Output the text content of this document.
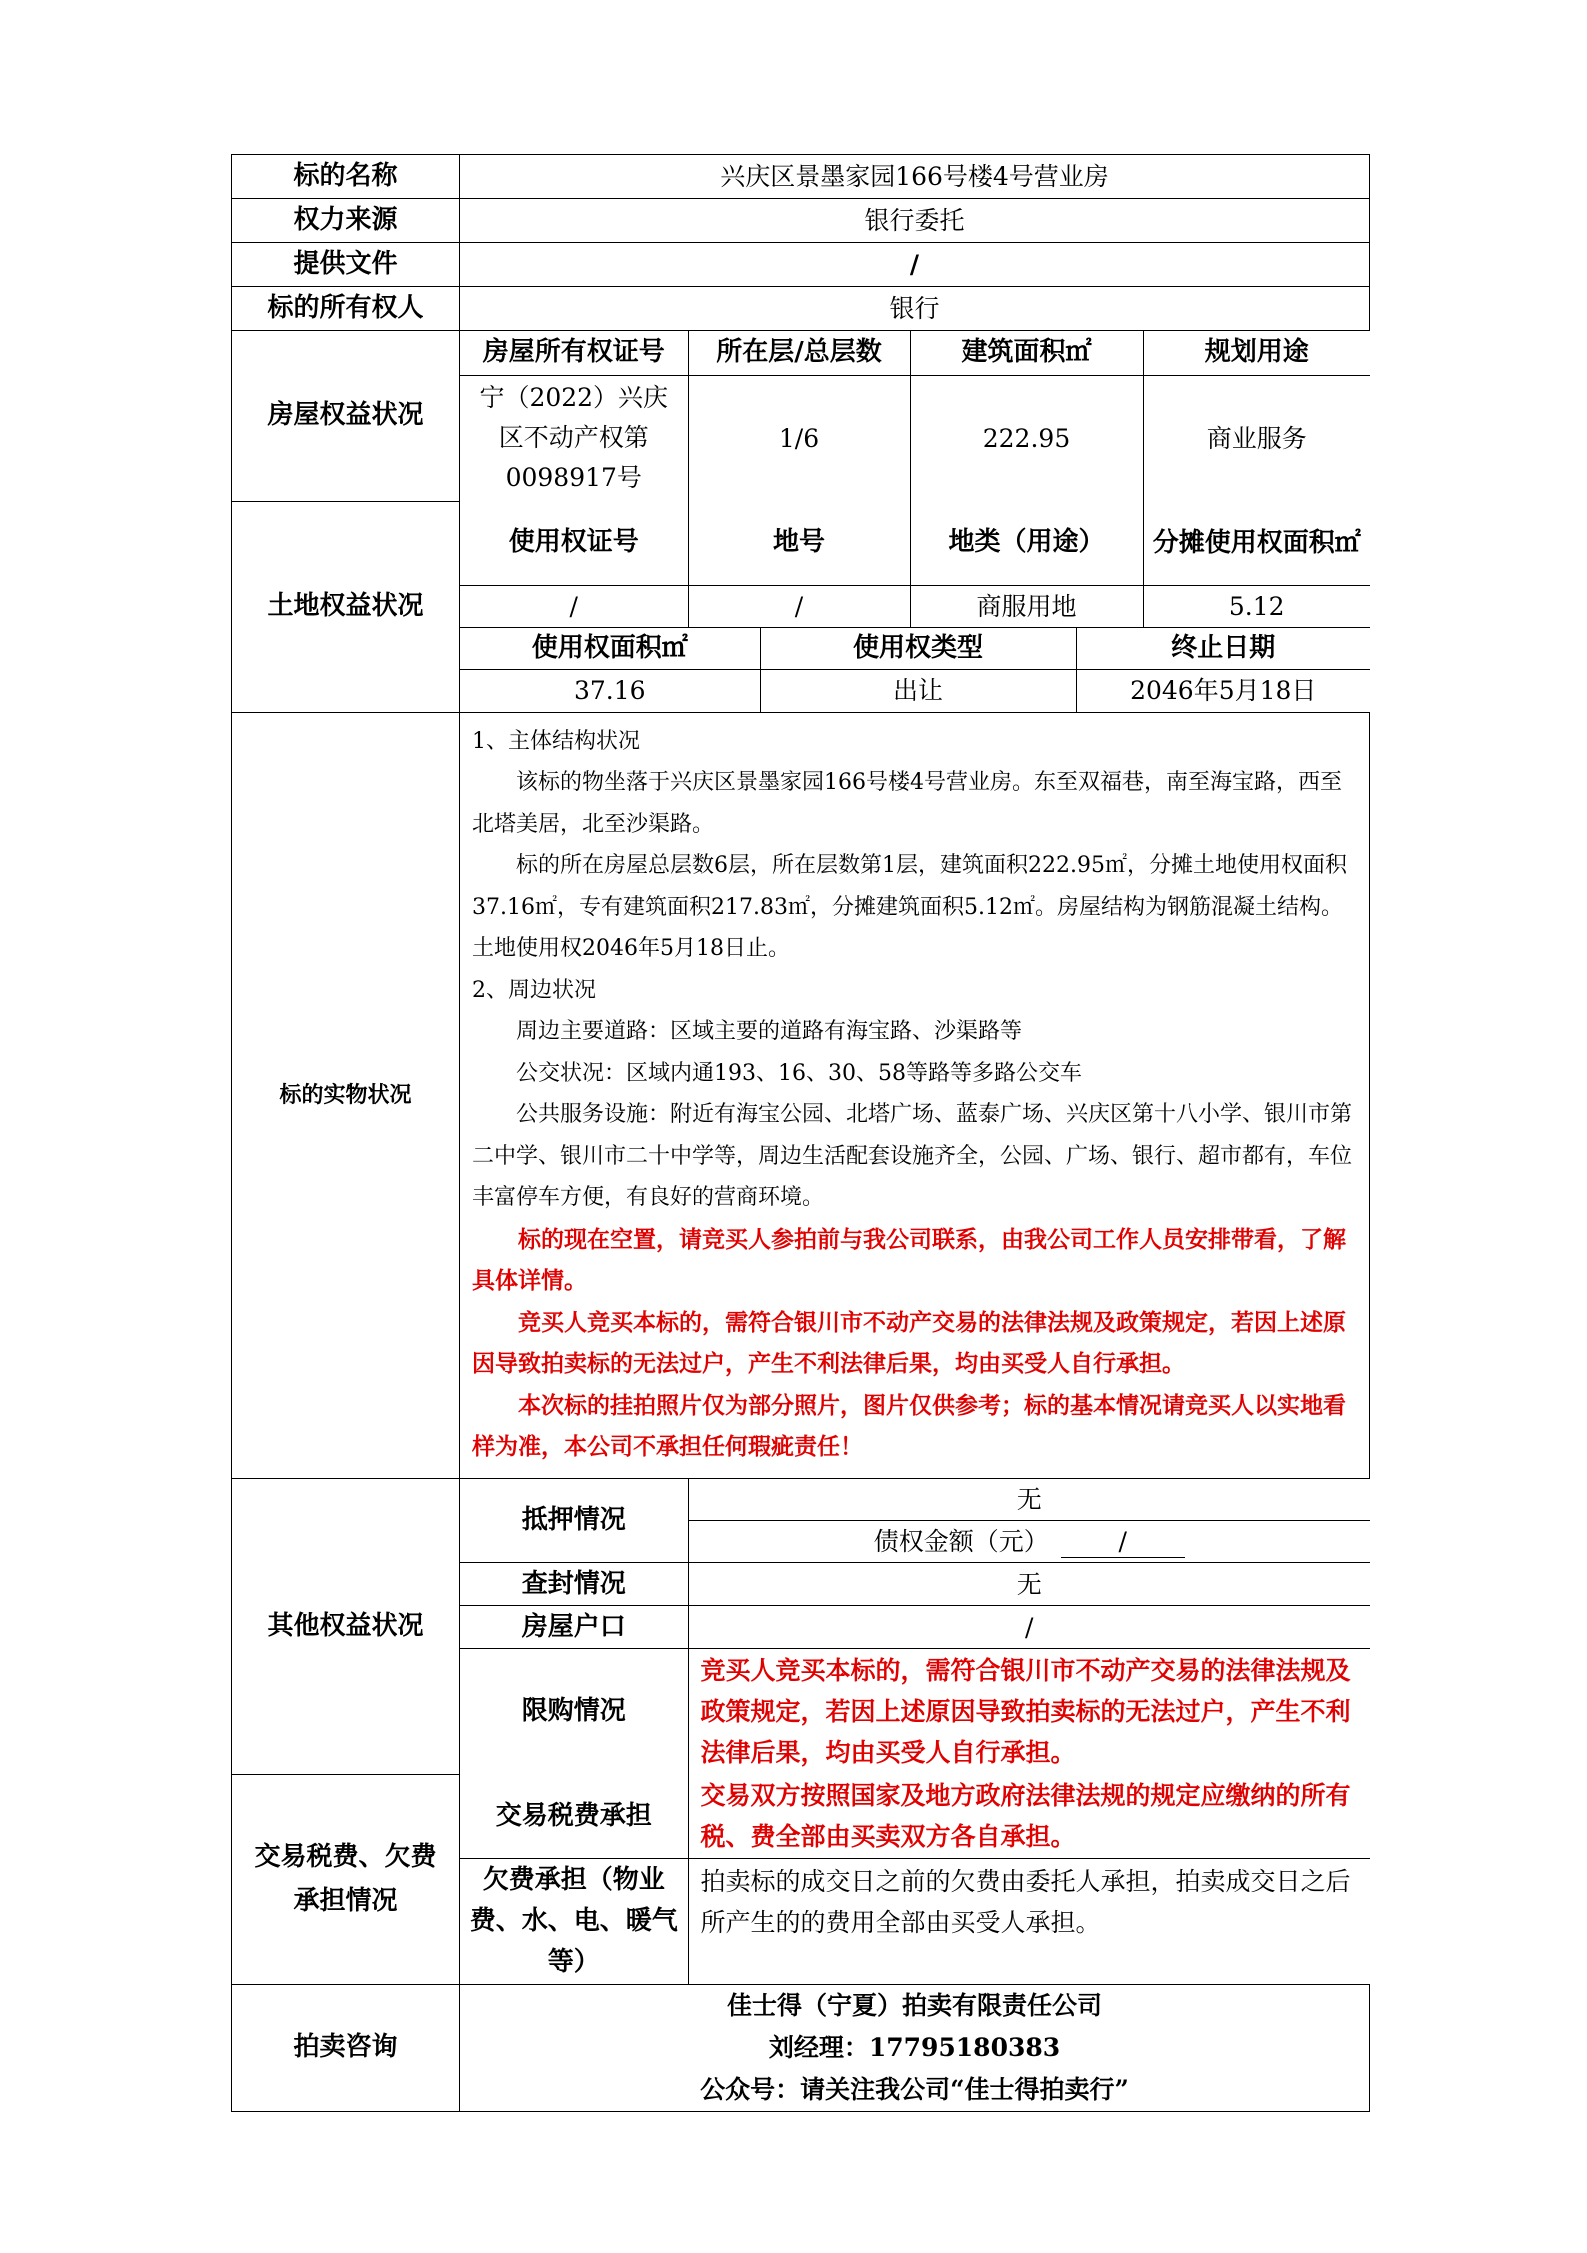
标的名称	兴庆区景墨家园166号楼4号营业房
权力来源	银行委托
提供文件	/
标的所有权人	银行
房屋权益状况	
房屋所有权证号	所在层/总层数	建筑面积㎡	规划用途
宁（2022）兴庆区不动产权第0098917号	1/6	222.95	商业服务

土地权益状况	
使用权证号	地号	地类（用途）	分摊使用权面积㎡
/	/	商服用地	5.12
使用权面积㎡	使用权类型	终止日期
37.16	出让	2046年5月18日

标的实物状况	

1、主体结构状况

该标的物坐落于兴庆区景墨家园166号楼4号营业房。东至双福巷，南至海宝路，西至北塔美居，北至沙渠路。

标的所在房屋总层数6层，所在层数第1层，建筑面积222.95㎡，分摊土地使用权面积37.16㎡，专有建筑面积217.83㎡，分摊建筑面积5.12㎡。房屋结构为钢筋混凝土结构。土地使用权2046年5月18日止。

2、周边状况

周边主要道路：区域主要的道路有海宝路、沙渠路等

公交状况：区域内通193、16、30、58等路等多路公交车

公共服务设施：附近有海宝公园、北塔广场、蓝泰广场、兴庆区第十八小学、银川市第二中学、银川市二十中学等，周边生活配套设施齐全，公园、广场、银行、超市都有，车位丰富停车方便，有良好的营商环境。

标的现在空置，请竞买人参拍前与我公司联系，由我公司工作人员安排带看，了解具体详情。

竞买人竞买本标的，需符合银川市不动产交易的法律法规及政策规定，若因上述原因导致拍卖标的无法过户，产生不利法律后果，均由买受人自行承担。

本次标的挂拍照片仅为部分照片，图片仅供参考；标的基本情况请竞买人以实地看样为准，本公司不承担任何瑕疵责任！

其他权益状况	
抵押情况	无
债权金额（元）	/
查封情况	无
房屋户口	/
限购情况	竞买人竞买本标的，需符合银川市不动产交易的法律法规及政策规定，若因上述原因导致拍卖标的无法过户，产生不利法律后果，均由买受人自行承担。

交易税费、欠费承担情况	
交易税费承担	交易双方按照国家及地方政府法律法规的规定应缴纳的所有税、费全部由买卖双方各自承担。
欠费承担（物业费、水、电、暖气等）	拍卖标的成交日之前的欠费由委托人承担，拍卖成交日之后所产生的的费用全部由买受人承担。

拍卖咨询	

佳士得（宁夏）拍卖有限责任公司

刘经理：17795180383

公众号：请关注我公司“佳士得拍卖行”
